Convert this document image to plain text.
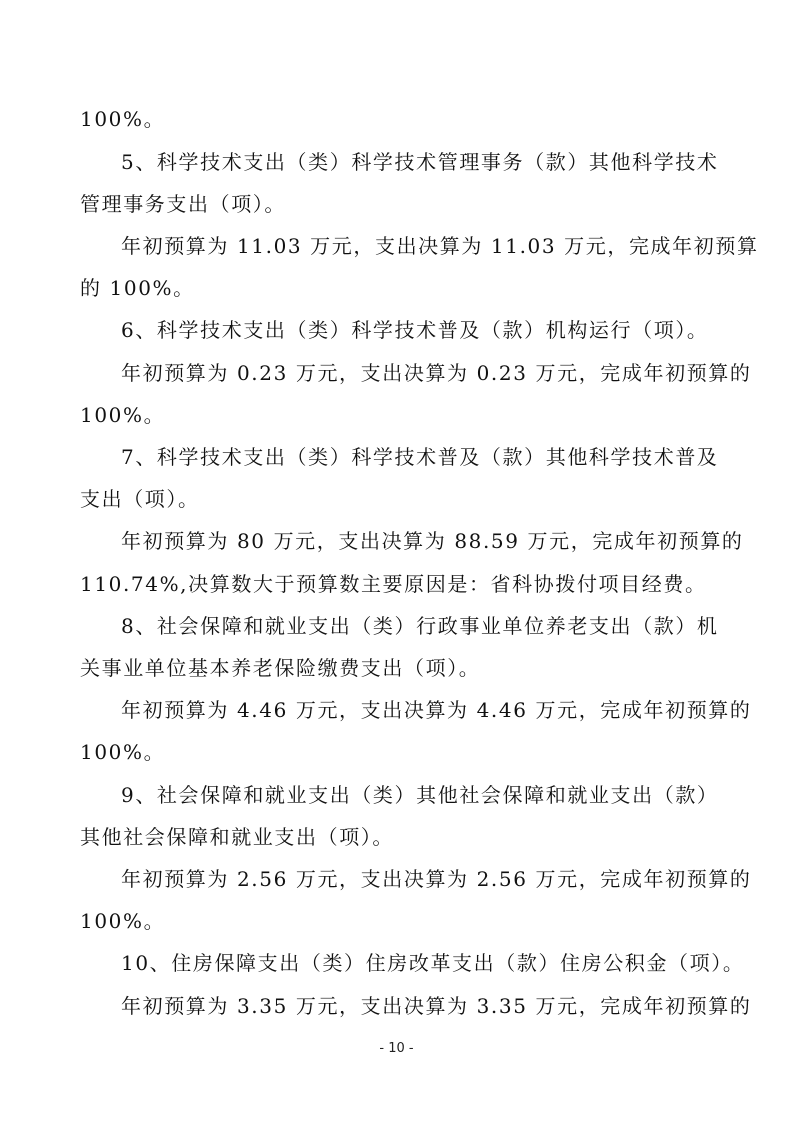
100%。
5、科学技术支出（类）科学技术管理事务（款）其他科学技术
管理事务支出（项）。
年初预算为 11.03 万元，支出决算为 11.03 万元，完成年初预算
的 100%。
6、科学技术支出（类）科学技术普及（款）机构运行（项）。
年初预算为 0.23 万元，支出决算为 0.23 万元，完成年初预算的
100%。
7、科学技术支出（类）科学技术普及（款）其他科学技术普及
支出（项）。
年初预算为 80 万元，支出决算为 88.59 万元，完成年初预算的
110.74%,决算数大于预算数主要原因是：省科协拨付项目经费。
8、社会保障和就业支出（类）行政事业单位养老支出（款）机
关事业单位基本养老保险缴费支出（项）。
年初预算为 4.46 万元，支出决算为 4.46 万元，完成年初预算的
100%。
9、社会保障和就业支出（类）其他社会保障和就业支出（款）
其他社会保障和就业支出（项）。
年初预算为 2.56 万元，支出决算为 2.56 万元，完成年初预算的
100%。
10、住房保障支出（类）住房改革支出（款）住房公积金（项）。
年初预算为 3.35 万元，支出决算为 3.35 万元，完成年初预算的
- 10 -
